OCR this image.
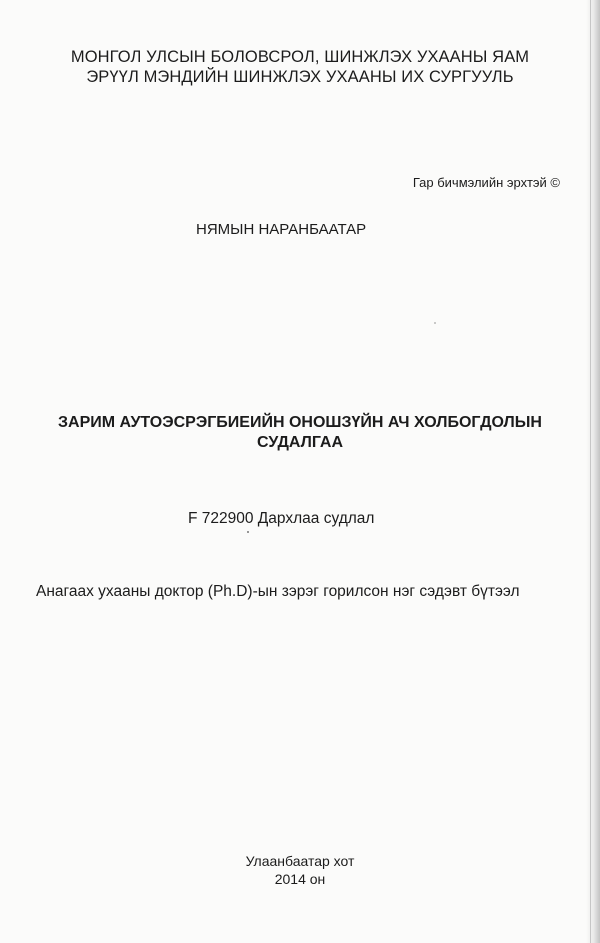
МОНГОЛ УЛСЫН БОЛОВСРОЛ, ШИНЖЛЭХ УХААНЫ ЯАМ
ЭРҮҮЛ МЭНДИЙН ШИНЖЛЭХ УХААНЫ ИХ СУРГУУЛЬ
Гар бичмэлийн эрхтэй ©
НЯМЫН НАРАНБААТАР
ЗАРИМ АУТОЭСРЭГБИЕИЙН ОНОШЗҮЙН АЧ ХОЛБОГДОЛЫН
СУДАЛГАА
F 722900 Дархлаа судлал
Анагаах ухааны доктор (Ph.D)-ын зэрэг горилсон нэг сэдэвт бүтээл
Улаанбаатар хот
2014 он
